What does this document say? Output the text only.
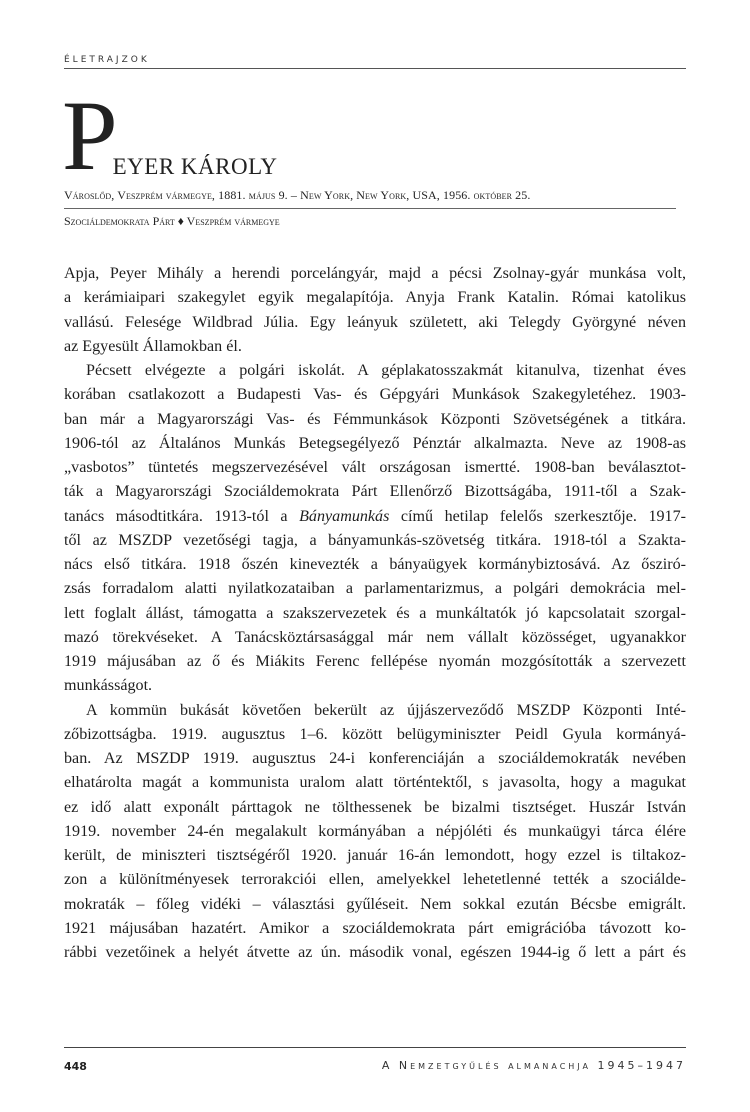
ÉLETRAJZOK
PEYER KÁROLY
Városlőd, Veszprém vármegye, 1881. május 9. – New York, New York, USA, 1956. október 25.
Szociáldemokrata Párt ♦ Veszprém vármegye
Apja, Peyer Mihály a herendi porcelángyár, majd a pécsi Zsolnay-gyár munkása volt,
a kerámiaipari szakegylet egyik megalapítója. Anyja Frank Katalin. Római katolikus
vallású. Felesége Wildbrad Júlia. Egy leányuk született, aki Telegdy Györgyné néven
az Egyesült Államokban él.
Pécsett elvégezte a polgári iskolát. A géplakatosszakmát kitanulva, tizenhat éves
korában csatlakozott a Budapesti Vas- és Gépgyári Munkások Szakegyletéhez. 1903-
ban már a Magyarországi Vas- és Fémmunkások Központi Szövetségének a titkára.
1906-tól az Általános Munkás Betegsegélyező Pénztár alkalmazta. Neve az 1908-as
„vasbotos” tüntetés megszervezésével vált országosan ismertté. 1908-ban beválasztot-
ták a Magyarországi Szociáldemokrata Párt Ellenőrző Bizottságába, 1911-től a Szak-
tanács másodtitkára. 1913-tól a Bányamunkás című hetilap felelős szerkesztője. 1917-
től az MSZDP vezetőségi tagja, a bányamunkás-szövetség titkára. 1918-tól a Szakta-
nács első titkára. 1918 őszén kinevezték a bányaügyek kormánybiztosává. Az ősziró-
zsás forradalom alatti nyilatkozataiban a parlamentarizmus, a polgári demokrácia mel-
lett foglalt állást, támogatta a szakszervezetek és a munkáltatók jó kapcsolatait szorgal-
mazó törekvéseket. A Tanácsköztársasággal már nem vállalt közösséget, ugyanakkor
1919 májusában az ő és Miákits Ferenc fellépése nyomán mozgósították a szervezett
munkásságot.
A kommün bukását követően bekerült az újjászerveződő MSZDP Központi Inté-
zőbizottságba. 1919. augusztus 1–6. között belügyminiszter Peidl Gyula kormányá-
ban. Az MSZDP 1919. augusztus 24-i konferenciáján a szociáldemokraták nevében
elhatárolta magát a kommunista uralom alatt történtektől, s javasolta, hogy a magukat
ez idő alatt exponált párttagok ne tölthessenek be bizalmi tisztséget. Huszár István
1919. november 24-én megalakult kormányában a népjóléti és munkaügyi tárca élére
került, de miniszteri tisztségéről 1920. január 16-án lemondott, hogy ezzel is tiltakoz-
zon a különítményesek terrorakciói ellen, amelyekkel lehetetlenné tették a szociálde-
mokraták – főleg vidéki – választási gyűléseit. Nem sokkal ezután Bécsbe emigrált.
1921 májusában hazatért. Amikor a szociáldemokrata párt emigrációba távozott ko-
rábbi vezetőinek a helyét átvette az ún. második vonal, egészen 1944-ig ő lett a párt és
448	A Nemzetgyűlés almanachja 1945–1947
